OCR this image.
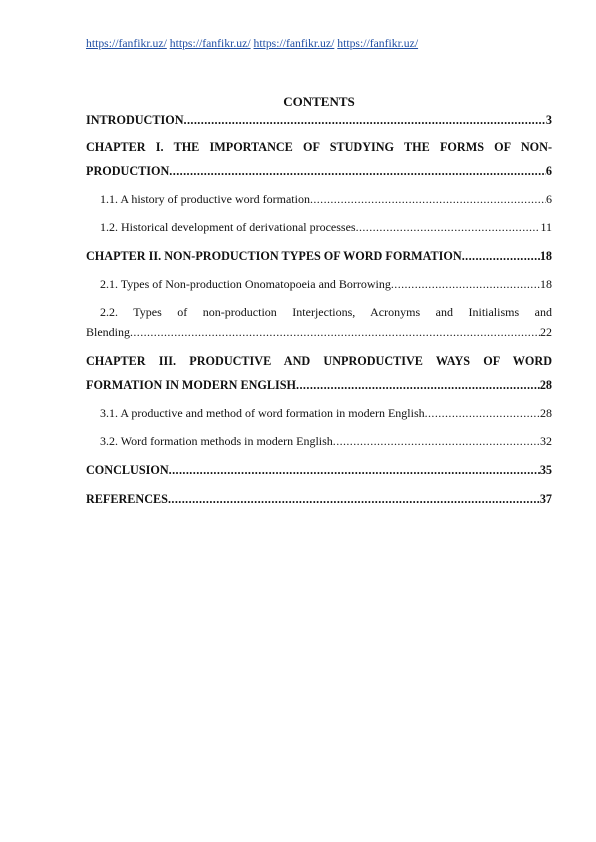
https://fanfikr.uz/ https://fanfikr.uz/ https://fanfikr.uz/ https://fanfikr.uz/
CONTENTS
INTRODUCTION .....	3
CHAPTER I. THE IMPORTANCE OF STUDYING THE FORMS OF NON-
PRODUCTION .....	6
1.1. A history of productive word formation .....	6
1.2. Historical development of derivational processes .....	11
CHAPTER II. NON-PRODUCTION TYPES OF WORD FORMATION .....	18
2.1. Types of Non-production Onomatopoeia and Borrowing .....	18
2.2. Types of non-production Interjections, Acronyms and Initialisms and
Blending .....	22
CHAPTER III. PRODUCTIVE AND UNPRODUCTIVE WAYS OF WORD
FORMATION IN MODERN ENGLISH .....	28
3.1. A productive and method of word formation in modern English .....	28
3.2. Word formation methods in modern English .....	32
CONCLUSION .....	35
REFERENCES .....	37
